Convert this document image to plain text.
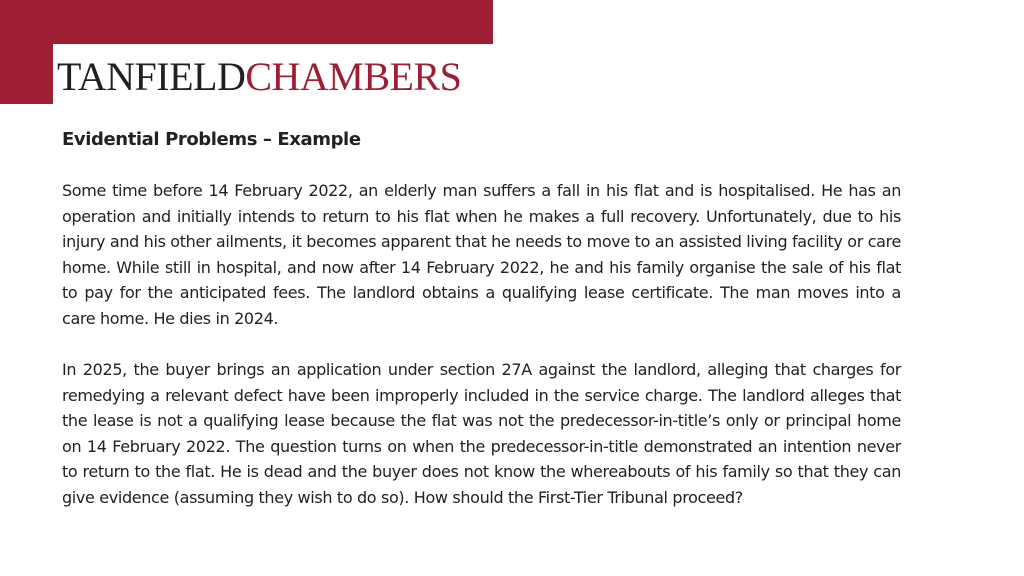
TANFIELDCHAMBERS
Evidential Problems – Example

Some time before 14 February 2022, an elderly man suffers a fall in his flat and is hospitalised. He has an operation and initially intends to return to his flat when he makes a full recovery. Unfortunately, due to his injury and his other ailments, it becomes apparent that he needs to move to an assisted living facility or care home. While still in hospital, and now after 14 February 2022, he and his family organise the sale of his flat to pay for the anticipated fees. The landlord obtains a qualifying lease certificate. The man moves into a care home. He dies in 2024.

In 2025, the buyer brings an application under section 27A against the landlord, alleging that charges for remedying a relevant defect have been improperly included in the service charge. The landlord alleges that the lease is not a qualifying lease because the flat was not the predecessor-in-title’s only or principal home on 14 February 2022. The question turns on when the predecessor-in-title demonstrated an intention never to return to the flat. He is dead and the buyer does not know the whereabouts of his family so that they can give evidence (assuming they wish to do so). How should the First-Tier Tribunal proceed?
